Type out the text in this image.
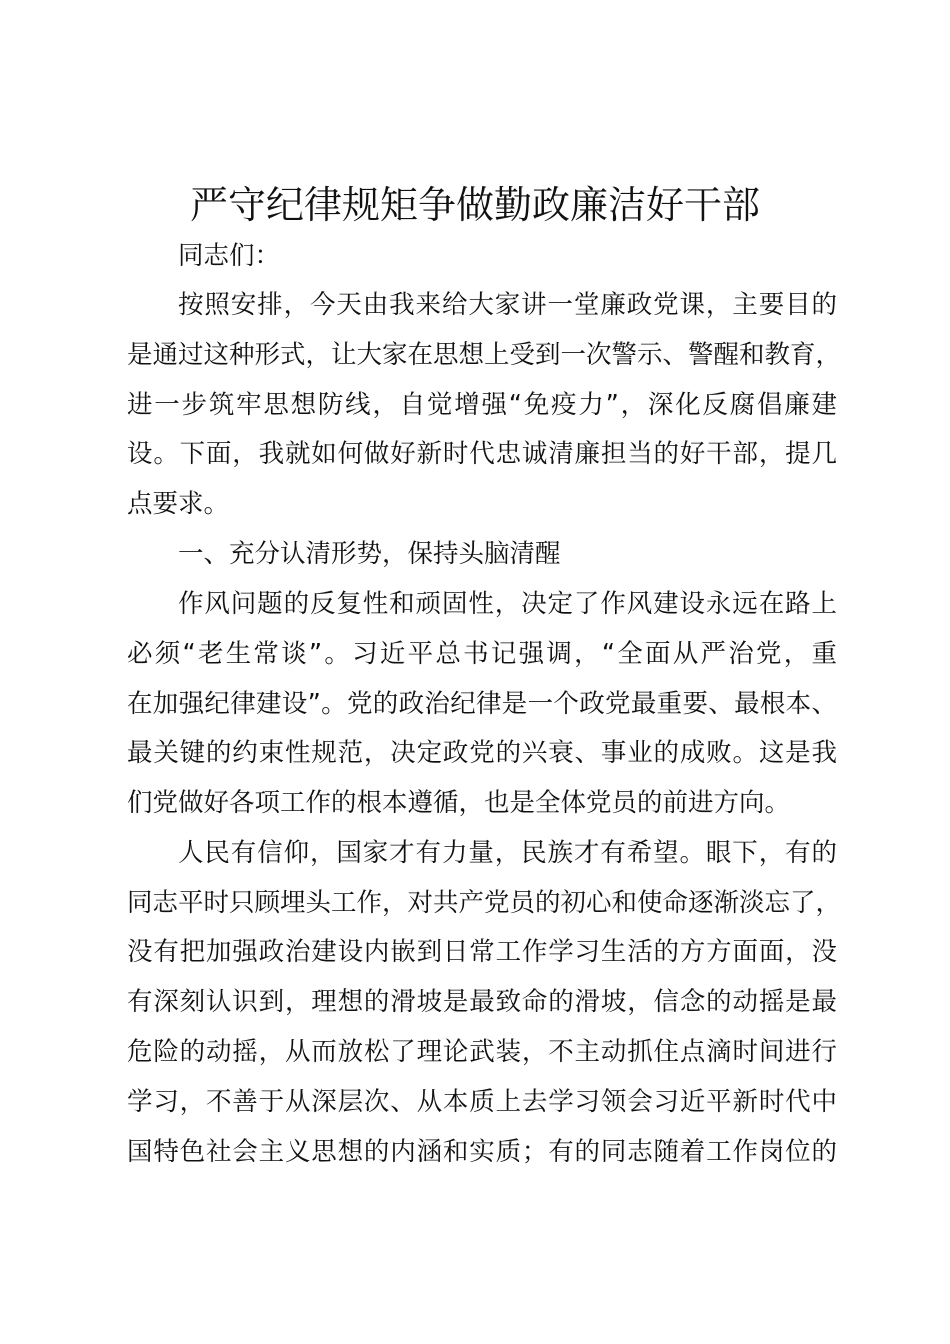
严守纪律规矩争做勤政廉洁好干部
同志们：
按照安排，今天由我来给大家讲一堂廉政党课，主要目的
是通过这种形式，让大家在思想上受到一次警示、警醒和教育，
进一步筑牢思想防线，自觉增强“免疫力”，深化反腐倡廉建
设。下面，我就如何做好新时代忠诚清廉担当的好干部，提几
点要求。
一、充分认清形势，保持头脑清醒
作风问题的反复性和顽固性，决定了作风建设永远在路上
必须“老生常谈”。习近平总书记强调，“全面从严治党，重
在加强纪律建设”。党的政治纪律是一个政党最重要、最根本、
最关键的约束性规范，决定政党的兴衰、事业的成败。这是我
们党做好各项工作的根本遵循，也是全体党员的前进方向。
人民有信仰，国家才有力量，民族才有希望。眼下，有的
同志平时只顾埋头工作，对共产党员的初心和使命逐渐淡忘了，
没有把加强政治建设内嵌到日常工作学习生活的方方面面，没
有深刻认识到，理想的滑坡是最致命的滑坡，信念的动摇是最
危险的动摇，从而放松了理论武装，不主动抓住点滴时间进行
学习，不善于从深层次、从本质上去学习领会习近平新时代中
国特色社会主义思想的内涵和实质；有的同志随着工作岗位的
